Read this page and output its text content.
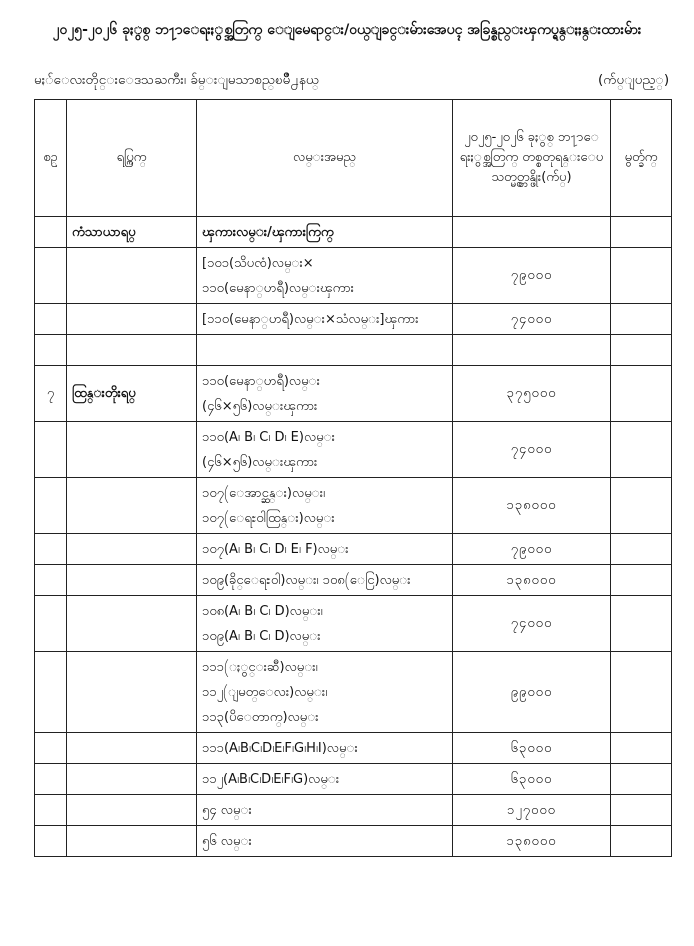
၂၀၂၅-၂၀၂၆ ခုႏွစ္ ဘ႑ာေရးႏွစ္အတြက္ ေျမေရာင္း/ဝယ္ျခင္းမ်ားအေပၚ အခြန္စည္းၾကပ္ရန္ႏႈန္းထားမ်ား
မႏၲေလးတိုင္းေဒသႀကီး၊ ခ်မ္းျမသာစည္ၿမိဳ႕နယ္	(က်ပ္ျပည့္)
စဥ္	ရပ္ကြက္	လမ္းအမည္	၂၀၂၅-၂၀၂၆ ခုႏွစ္ ဘ႑ာေရးႏွစ္အတြက္ တစ္စတုရန္းေပ သတ္မွတ္တန္ဖိုး(က်ပ္)	မွတ္ခ်က္
	ကံသာယာရပ္	ၾကားလမ္း/ၾကားကြက္		

		[၁၀၁(သိပၸံ)လမ္း×
၁၁၀(မေနာ္ဟရီ)လမ္းၾကား	၇၉၀၀၀	

		[၁၁၀(မေနာ္ဟရီ)လမ္း×သံလမ္း]ၾကား	၇၄၀၀၀	

၇	ထြန္းတိုးရပ္	၁၁၀(မေနာ္ဟရီ)လမ္း
(၄၆×၅၆)လမ္းၾကား	၃၇၅၀၀၀	

		၁၁၀(A၊ B၊ C၊ D၊ E)လမ္း
(၄၆×၅၆)လမ္းၾကား	၇၄၀၀၀	

		၁၀၇(ေအာင္ဆန္း)လမ္း၊
၁၀၇(ေရႊဝါထြန္း)လမ္း	၁၃၈၀၀၀	

		၁၀၇(A၊ B၊ C၊ D၊ E၊ F)လမ္း	၇၉၀၀၀	

		၁၀၉(ခိုင္ေရႊဝါ)လမ္း၊ ၁၀၈(ေငြ)လမ္း	၁၃၈၀၀၀	

		၁၀၈(A၊ B၊ C၊ D)လမ္း၊
၁၀၉(A၊ B၊ C၊ D)လမ္း	၇၄၀၀၀	

		၁၁၁(ႏွင္းဆီ)လမ္း၊
၁၁၂(ျမတ္ေလး)လမ္း၊
၁၁၃(ပိေတာက္)လမ္း	၉၉၀၀၀	

		၁၁၁(A၊B၊C၊D၊E၊F၊G၊H၊I)လမ္း	၆၃၀၀၀	

		၁၁၂(A၊B၊C၊D၊E၊F၊G)လမ္း	၆၃၀၀၀	

		၅၄ လမ္း	၁၂၇၀၀၀	

		၅၆ လမ္း	၁၃၈၀၀၀	
